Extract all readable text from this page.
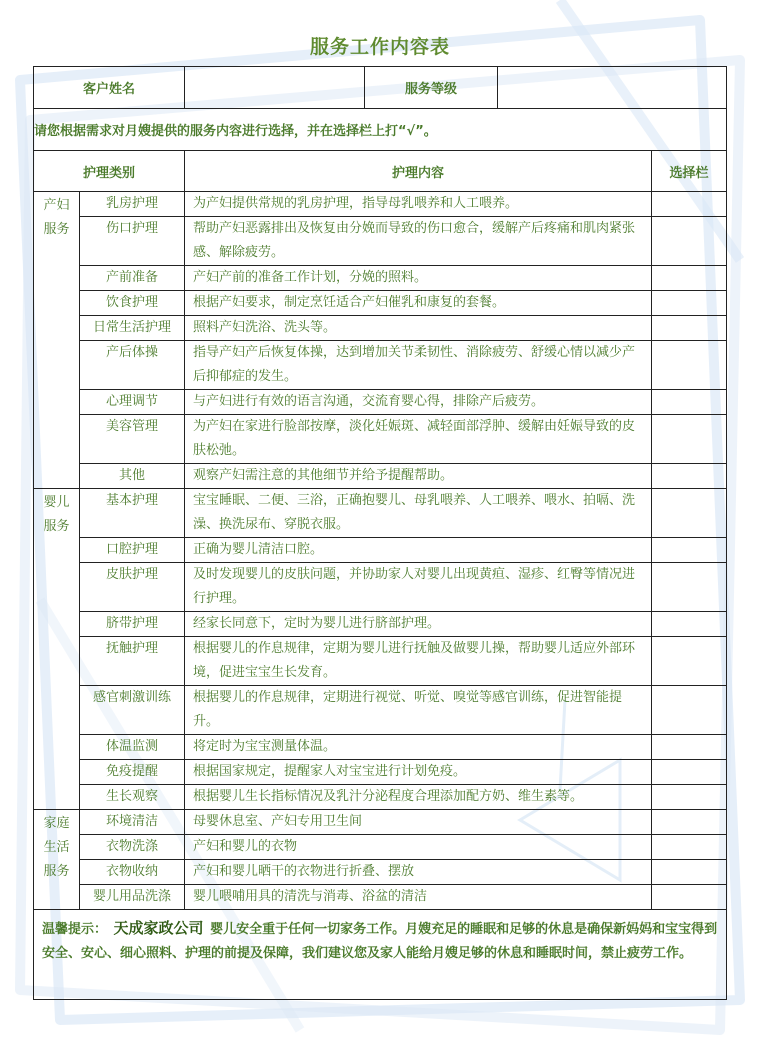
服务工作内容表
客户姓名			服务等级		
请您根据需求对月嫂提供的服务内容进行选择，并在选择栏上打“√”。					
护理类别		护理内容			选择栏

产妇
服务	乳房护理	为产妇提供常规的乳房护理，指导母乳喂养和人工喂养。			
	伤口护理	帮助产妇恶露排出及恢复由分娩而导致的伤口愈合，缓解产后疼痛和肌肉紧张感、解除疲劳。			
	产前准备	产妇产前的准备工作计划，分娩的照料。			
	饮食护理	根据产妇要求，制定烹饪适合产妇催乳和康复的套餐。			
	日常生活护理	照料产妇洗浴、洗头等。			
	产后体操	指导产妇产后恢复体操，达到增加关节柔韧性、消除疲劳、舒缓心情以减少产后抑郁症的发生。			
	心理调节	与产妇进行有效的语言沟通，交流育婴心得，排除产后疲劳。			
	美容管理	为产妇在家进行脸部按摩，淡化妊娠斑、减轻面部浮肿、缓解由妊娠导致的皮肤松弛。			
	其他	观察产妇需注意的其他细节并给予提醒帮助。			

婴儿
服务	基本护理	宝宝睡眠、二便、三浴，正确抱婴儿、母乳喂养、人工喂养、喂水、拍嗝、洗澡、换洗尿布、穿脱衣服。			
	口腔护理	正确为婴儿清洁口腔。			
	皮肤护理	及时发现婴儿的皮肤问题，并协助家人对婴儿出现黄疸、湿疹、红臀等情况进行护理。			
	脐带护理	经家长同意下，定时为婴儿进行脐部护理。			
	抚触护理	根据婴儿的作息规律，定期为婴儿进行抚触及做婴儿操，帮助婴儿适应外部环境，促进宝宝生长发育。			
	感官刺激训练	根据婴儿的作息规律，定期进行视觉、听觉、嗅觉等感官训练，促进智能提升。			
	体温监测	将定时为宝宝测量体温。			
	免疫提醒	根据国家规定，提醒家人对宝宝进行计划免疫。			
	生长观察	根据婴儿生长指标情况及乳汁分泌程度合理添加配方奶、维生素等。			

家庭
生活
服务	环境清洁	母婴休息室、产妇专用卫生间			
	衣物洗涤	产妇和婴儿的衣物			
	衣物收纳	产妇和婴儿晒干的衣物进行折叠、摆放			
	婴儿用品洗涤	婴儿喂哺用具的清洗与消毒、浴盆的清洁			
温馨提示： 天成家政公司 婴儿安全重于任何一切家务工作。月嫂充足的睡眠和足够的休息是确保新妈妈和宝宝得到安全、安心、细心照料、护理的前提及保障，我们建议您及家人能给月嫂足够的休息和睡眠时间，禁止疲劳工作。					
